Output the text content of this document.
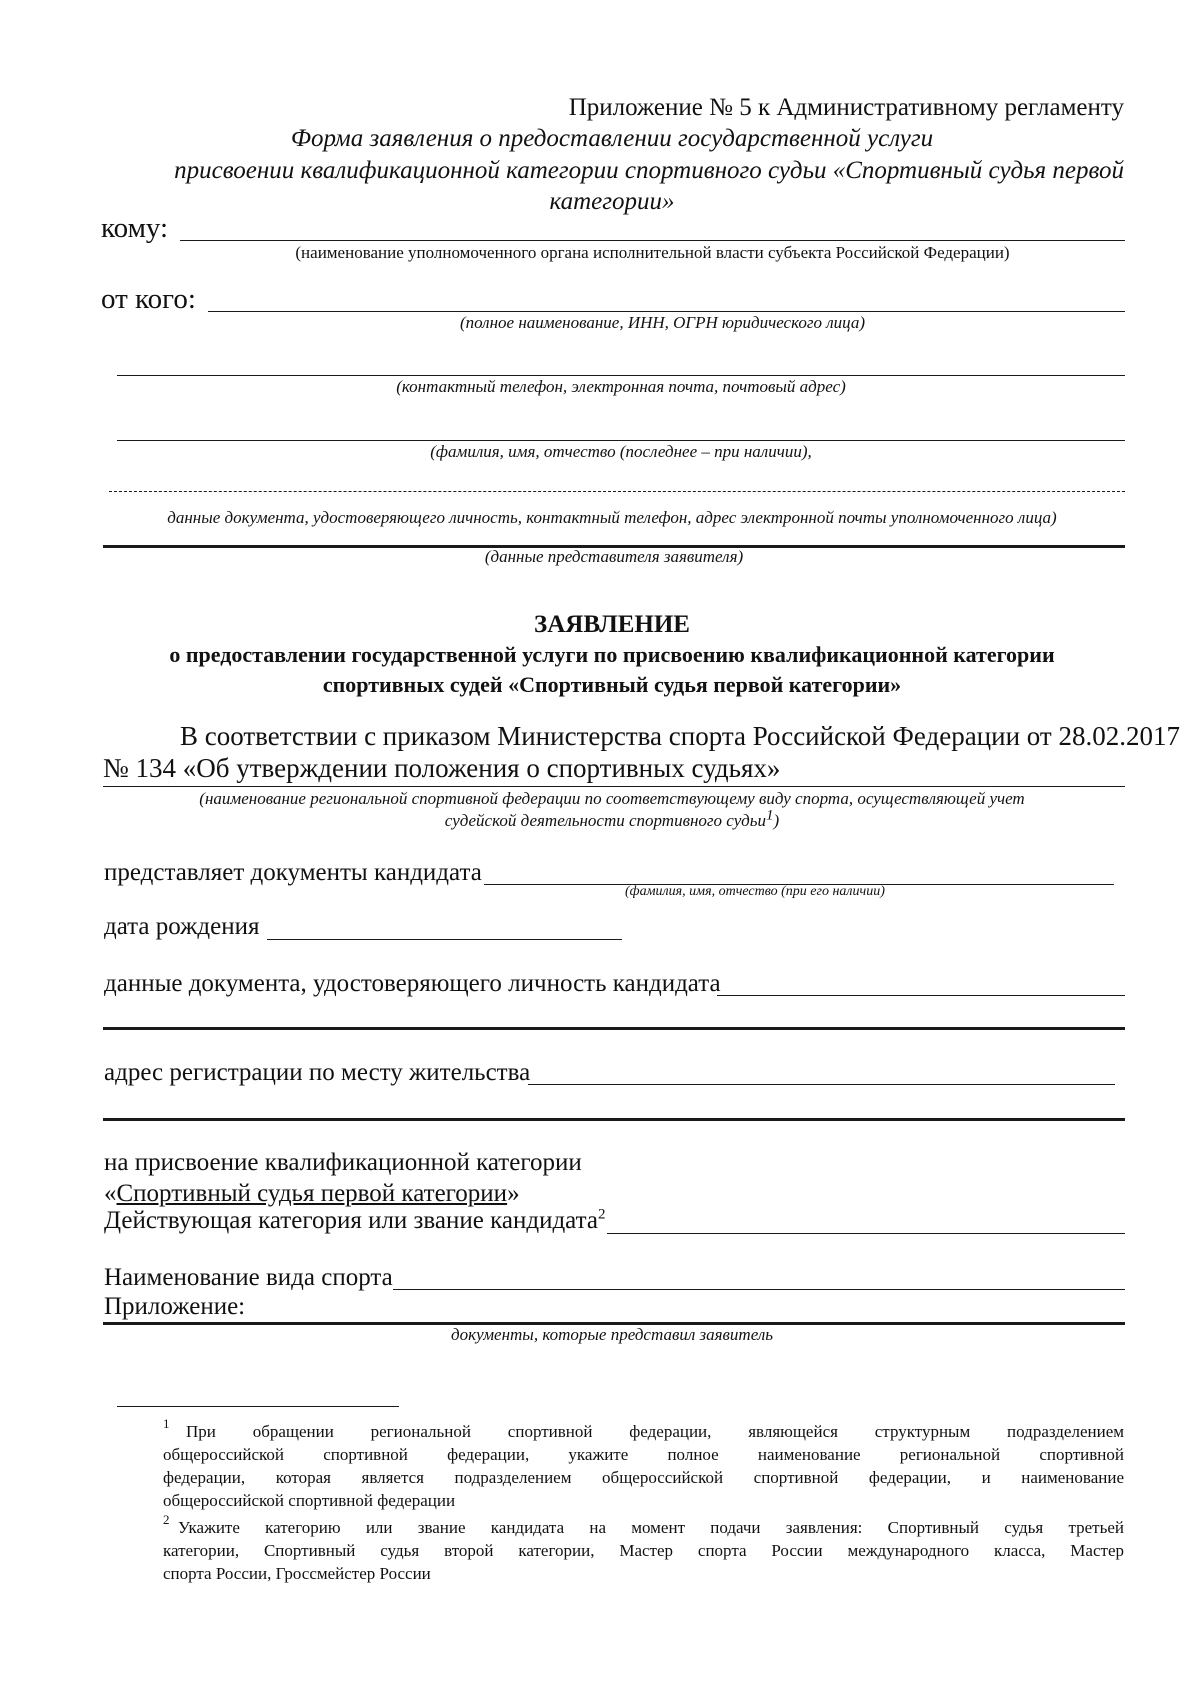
Приложение № 5 к Административному регламенту
Форма заявления о предоставлении государственной услуги
присвоении квалификационной категории спортивного судьи «Спортивный судья первой
категории»
кому:
(наименование уполномоченного органа исполнительной власти субъекта Российской Федерации)
от кого:
(полное наименование, ИНН, ОГРН юридического лица)
(контактный телефон, электронная почта, почтовый адрес)
(фамилия, имя, отчество (последнее – при наличии),
данные документа, удостоверяющего личность, контактный телефон, адрес электронной почты уполномоченного лица)
(данные представителя заявителя)
ЗАЯВЛЕНИЕ
о предоставлении государственной услуги по присвоению квалификационной категории
спортивных судей «Спортивный судья первой категории»
В соответствии с приказом Министерства спорта Российской Федерации от 28.02.2017
№ 134 «Об утверждении положения о спортивных судьях»
(наименование региональной спортивной федерации по соответствующему виду спорта, осуществляющей учет
судейской деятельности спортивного судьи$^1$)
представляет документы кандидата
(фамилия, имя, отчество (при его наличии)
дата рождения
данные документа, удостоверяющего личность кандидата
адрес регистрации по месту жительства
на присвоение квалификационной категории
«Спортивный судья первой категории»
Действующая категория или звание кандидата$^2$
Наименование вида спорта
Приложение:
документы, которые представил заявитель
1 При обращении региональной спортивной федерации, являющейся структурным подразделением
общероссийской спортивной федерации, укажите полное наименование региональной спортивной
федерации, которая является подразделением общероссийской спортивной федерации, и наименование
общероссийской спортивной федерации
2 Укажите категорию или звание кандидата на момент подачи заявления: Спортивный судья третьей
категории, Спортивный судья второй категории, Мастер спорта России международного класса, Мастер
спорта России, Гроссмейстер России
